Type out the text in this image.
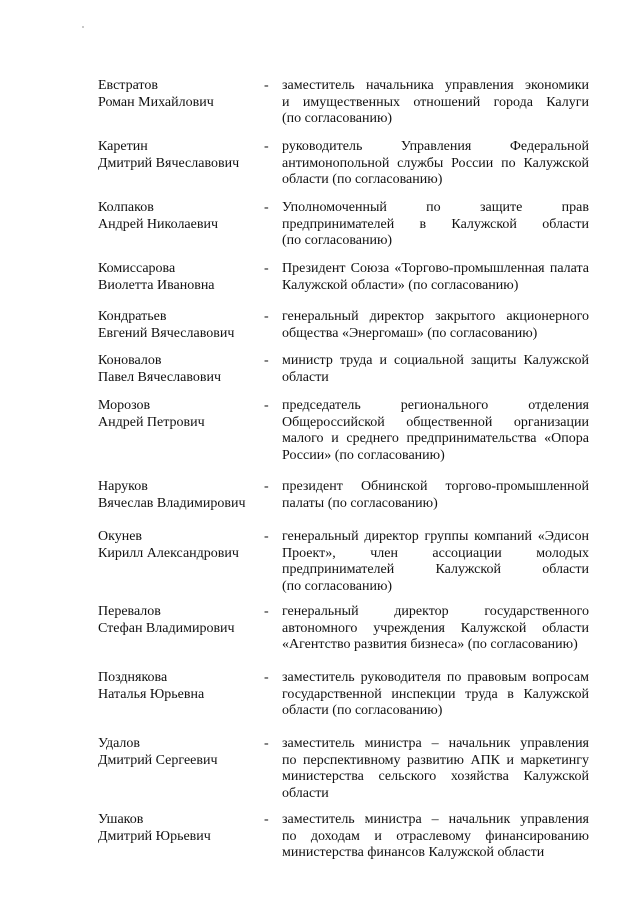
Евстратов
Роман Михайлович
- заместитель начальника управления экономики
и имущественных отношений города Калуги
(по согласованию)
Каретин
Дмитрий Вячеславович
- руководитель Управления Федеральной
антимонопольной службы России по Калужской
области (по согласованию)
Колпаков
Андрей Николаевич
- Уполномоченный по защите прав
предпринимателей в Калужской области
(по согласованию)
Комиссарова
Виолетта Ивановна
- Президент Союза «Торгово-промышленная палата
Калужской области» (по согласованию)
Кондратьев
Евгений Вячеславович
- генеральный директор закрытого акционерного
общества «Энергомаш» (по согласованию)
Коновалов
Павел Вячеславович
- министр труда и социальной защиты Калужской
области
Морозов
Андрей Петрович
- председатель регионального отделения
Общероссийской общественной организации
малого и среднего предпринимательства «Опора
России» (по согласованию)
Наруков
Вячеслав Владимирович
- президент Обнинской торгово-промышленной
палаты (по согласованию)
Окунев
Кирилл Александрович
- генеральный директор группы компаний «Эдисон
Проект», член ассоциации молодых
предпринимателей Калужской области
(по согласованию)
Перевалов
Стефан Владимирович
- генеральный директор государственного
автономного учреждения Калужской области
«Агентство развития бизнеса» (по согласованию)
Позднякова
Наталья Юрьевна
- заместитель руководителя по правовым вопросам
государственной инспекции труда в Калужской
области (по согласованию)
Удалов
Дмитрий Сергеевич
- заместитель министра – начальник управления
по перспективному развитию АПК и маркетингу
министерства сельского хозяйства Калужской
области
Ушаков
Дмитрий Юрьевич
- заместитель министра – начальник управления
по доходам и отраслевому финансированию
министерства финансов Калужской области
